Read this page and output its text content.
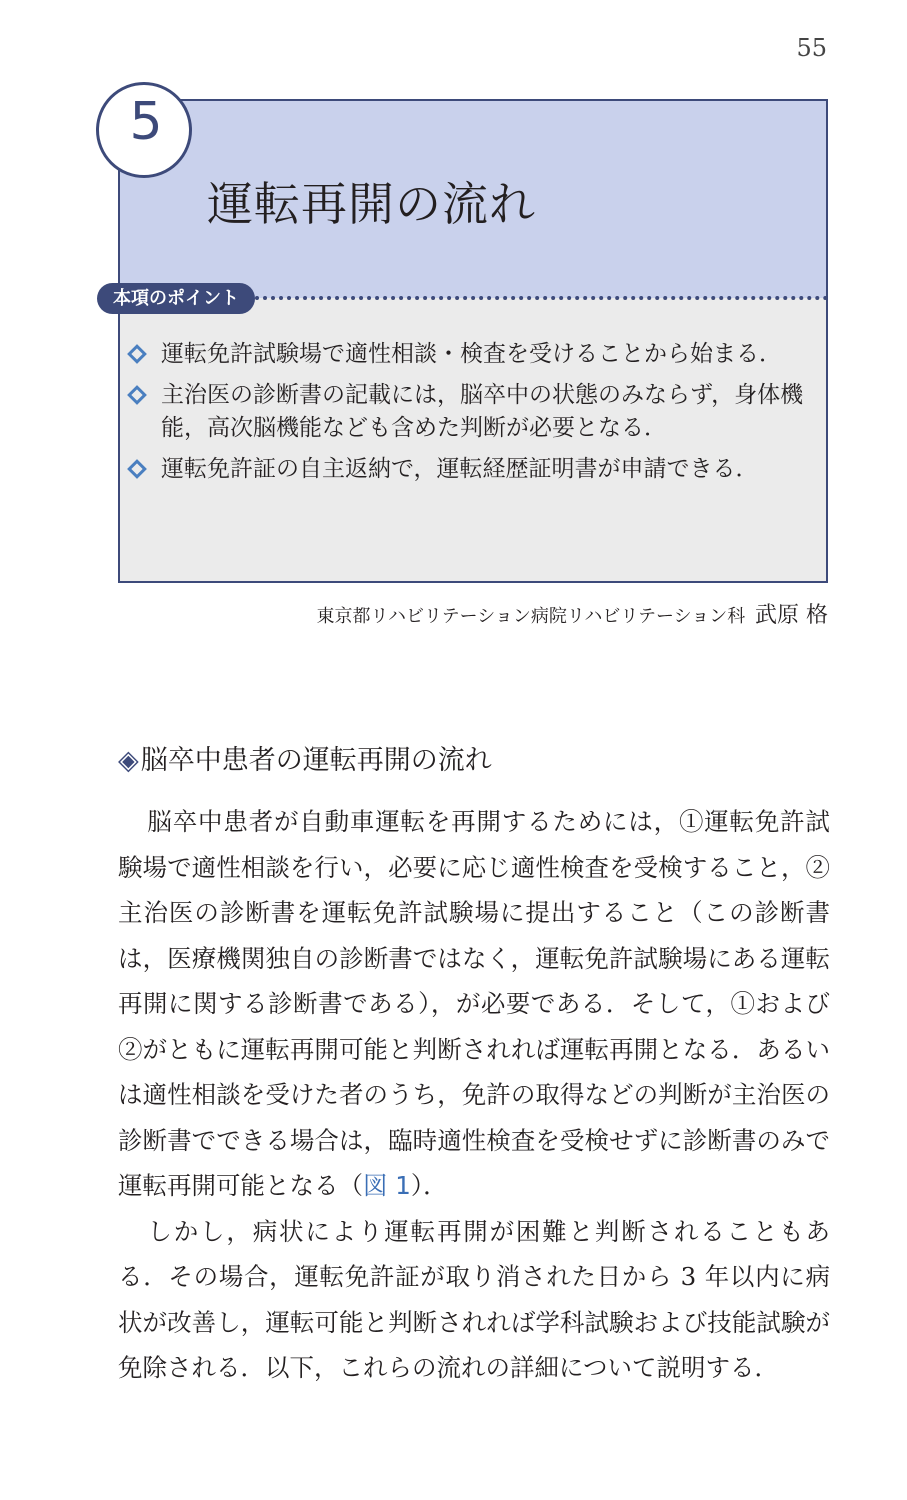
55
5
運転再開の流れ
本項のポイント
運転免許試験場で適性相談・検査を受けることから始まる．
主治医の診断書の記載には，脳卒中の状態のみならず，身体機能，高次脳機能なども含めた判断が必要となる．
運転免許証の自主返納で，運転経歴証明書が申請できる．
東京都リハビリテーション病院リハビリテーション科 武原 格
◈脳卒中患者の運転再開の流れ

脳卒中患者が自動車運転を再開するためには，①運転免許試験場で適性相談を行い，必要に応じ適性検査を受検すること，②主治医の診断書を運転免許試験場に提出すること（この診断書は，医療機関独自の診断書ではなく，運転免許試験場にある運転再開に関する診断書である），が必要である．そして，①および②がともに運転再開可能と判断されれば運転再開となる．あるいは適性相談を受けた者のうち，免許の取得などの判断が主治医の診断書でできる場合は，臨時適性検査を受検せずに診断書のみで運転再開可能となる（図 1）．

しかし，病状により運転再開が困難と判断されることもある．その場合，運転免許証が取り消された日から 3 年以内に病状が改善し，運転可能と判断されれば学科試験および技能試験が免除される．以下，これらの流れの詳細について説明する．
